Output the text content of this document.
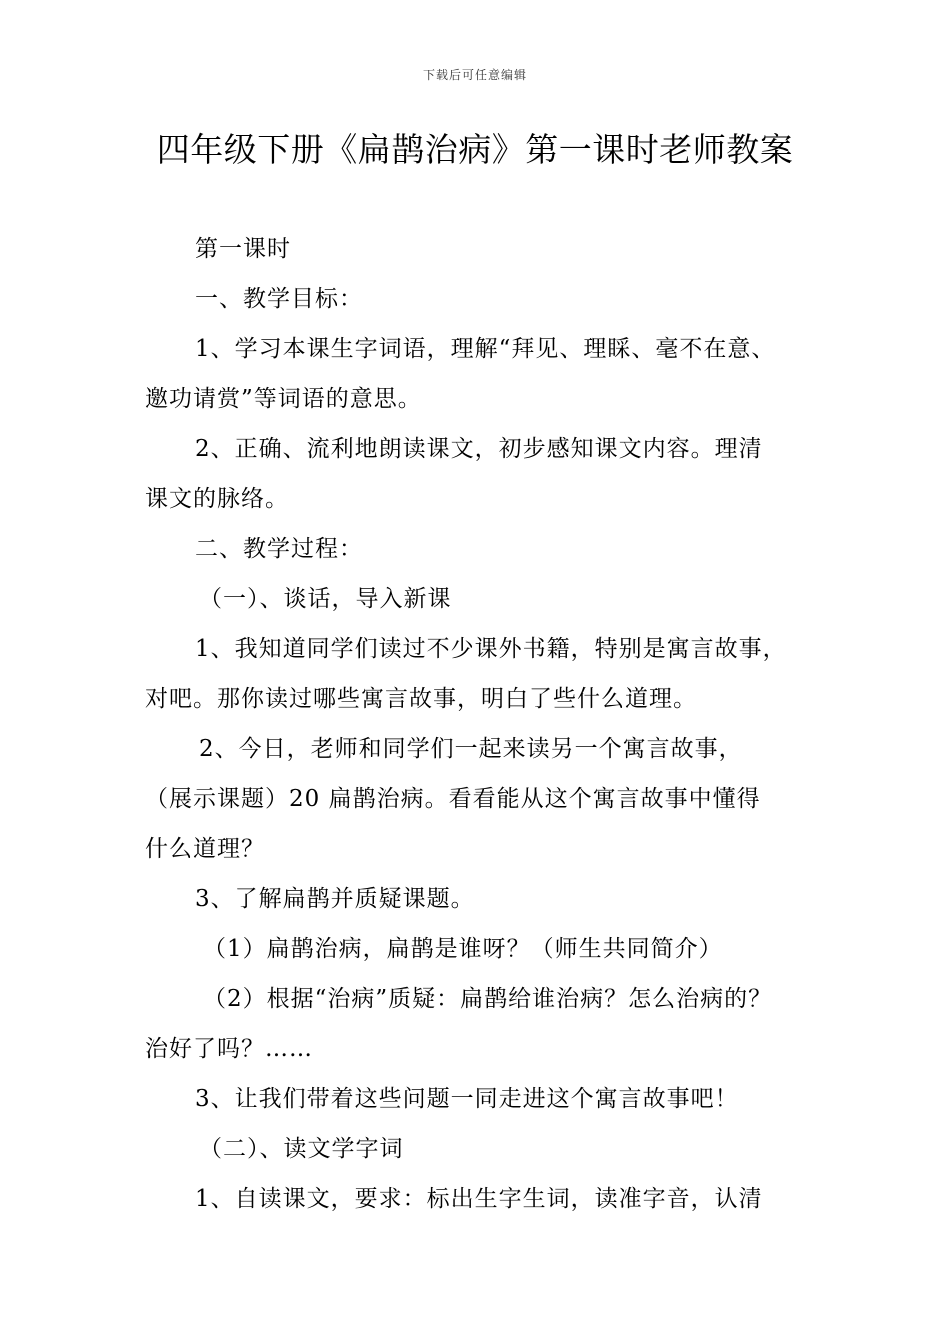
下载后可任意编辑
四年级下册《扁鹊治病》第一课时老师教案
第一课时
一、教学目标：
1、学习本课生字词语，理解“拜见、理睬、毫不在意、
邀功请赏”等词语的意思。
2、正确、流利地朗读课文，初步感知课文内容。理清
课文的脉络。
二、教学过程：
（一）、谈话，导入新课
1、我知道同学们读过不少课外书籍，特别是寓言故事，
对吧。那你读过哪些寓言故事，明白了些什么道理。
2、今日，老师和同学们一起来读另一个寓言故事，
（展示课题）20 扁鹊治病。看看能从这个寓言故事中懂得
什么道理？
3、了解扁鹊并质疑课题。
（1）扁鹊治病，扁鹊是谁呀？（师生共同简介）
（2）根据“治病”质疑：扁鹊给谁治病？怎么治病的？
治好了吗？……
3、让我们带着这些问题一同走进这个寓言故事吧！
（二）、读文学字词
1、自读课文，要求：标出生字生词，读准字音，认清
